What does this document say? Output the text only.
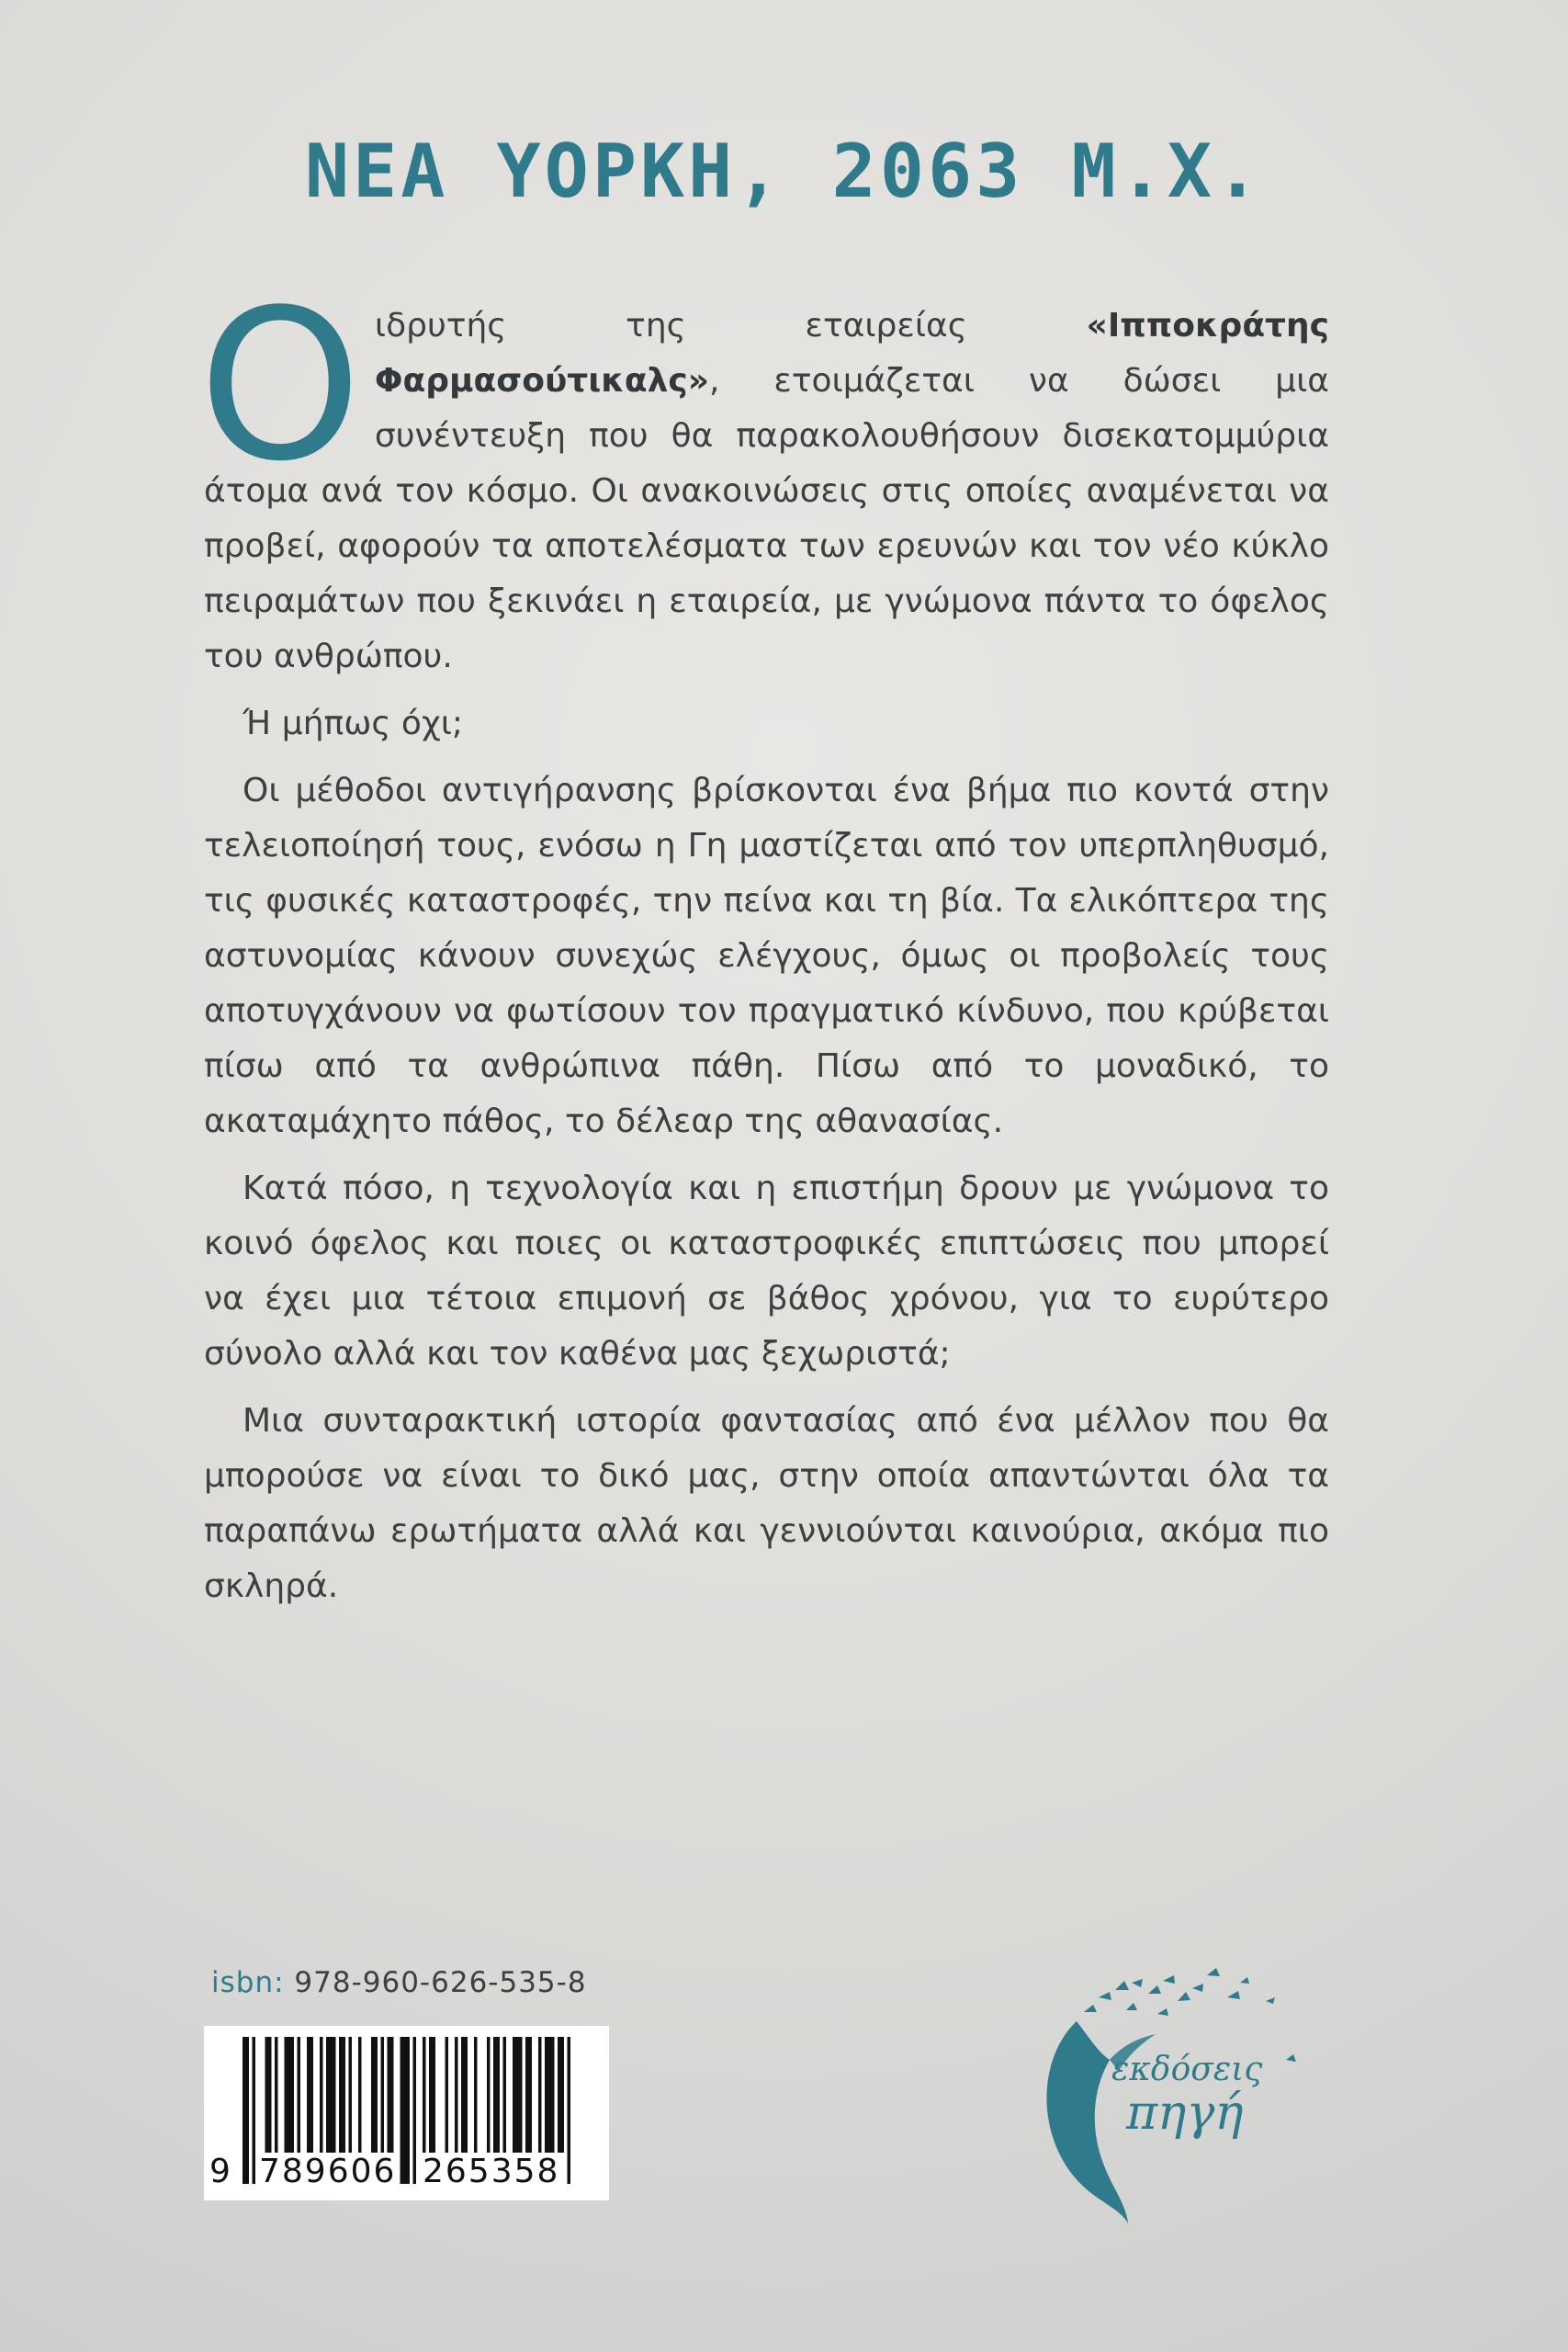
ΝΕΑ ΥΟΡΚΗ, 2063 Μ.Χ.

Ο ιδρυτής της εταιρείας «Ιπποκράτης Φαρμασούτικαλς», ετοιμάζεται να δώσει μια συνέντευξη που θα παρακολουθήσουν δισεκατομμύρια άτομα ανά τον κόσμο. Οι ανακοινώσεις στις οποίες αναμένεται να προβεί, αφορούν τα αποτελέσματα των ερευνών και τον νέο κύκλο πειραμάτων που ξεκινάει η εταιρεία, με γνώμονα πάντα το όφελος του ανθρώπου.

Ή μήπως όχι;

Οι μέθοδοι αντιγήρανσης βρίσκονται ένα βήμα πιο κοντά στην τελειοποίησή τους, ενόσω η Γη μαστίζεται από τον υπερπληθυσμό, τις φυσικές καταστροφές, την πείνα και τη βία. Τα ελικόπτερα της αστυνομίας κάνουν συνεχώς ελέγχους, όμως οι προβολείς τους αποτυγχάνουν να φωτίσουν τον πραγματικό κίνδυνο, που κρύβεται πίσω από τα ανθρώπινα πάθη. Πίσω από το μοναδικό, το ακαταμάχητο πάθος, το δέλεαρ της αθανασίας.

Κατά πόσο, η τεχνολογία και η επιστήμη δρουν με γνώμονα το κοινό όφελος και ποιες οι καταστροφικές επιπτώσεις που μπορεί να έχει μια τέτοια επιμονή σε βάθος χρόνου, για το ευρύτερο σύνολο αλλά και τον καθένα μας ξεχωριστά;

Μια συνταρακτική ιστορία φαντασίας από ένα μέλλον που θα μπορούσε να είναι το δικό μας, στην οποία απαντώνται όλα τα παραπάνω ερωτήματα αλλά και γεννιούνται καινούρια, ακόμα πιο σκληρά.

isbn: 978-960-626-535-8
9 789606 265358
εκδόσεις
πηγή
